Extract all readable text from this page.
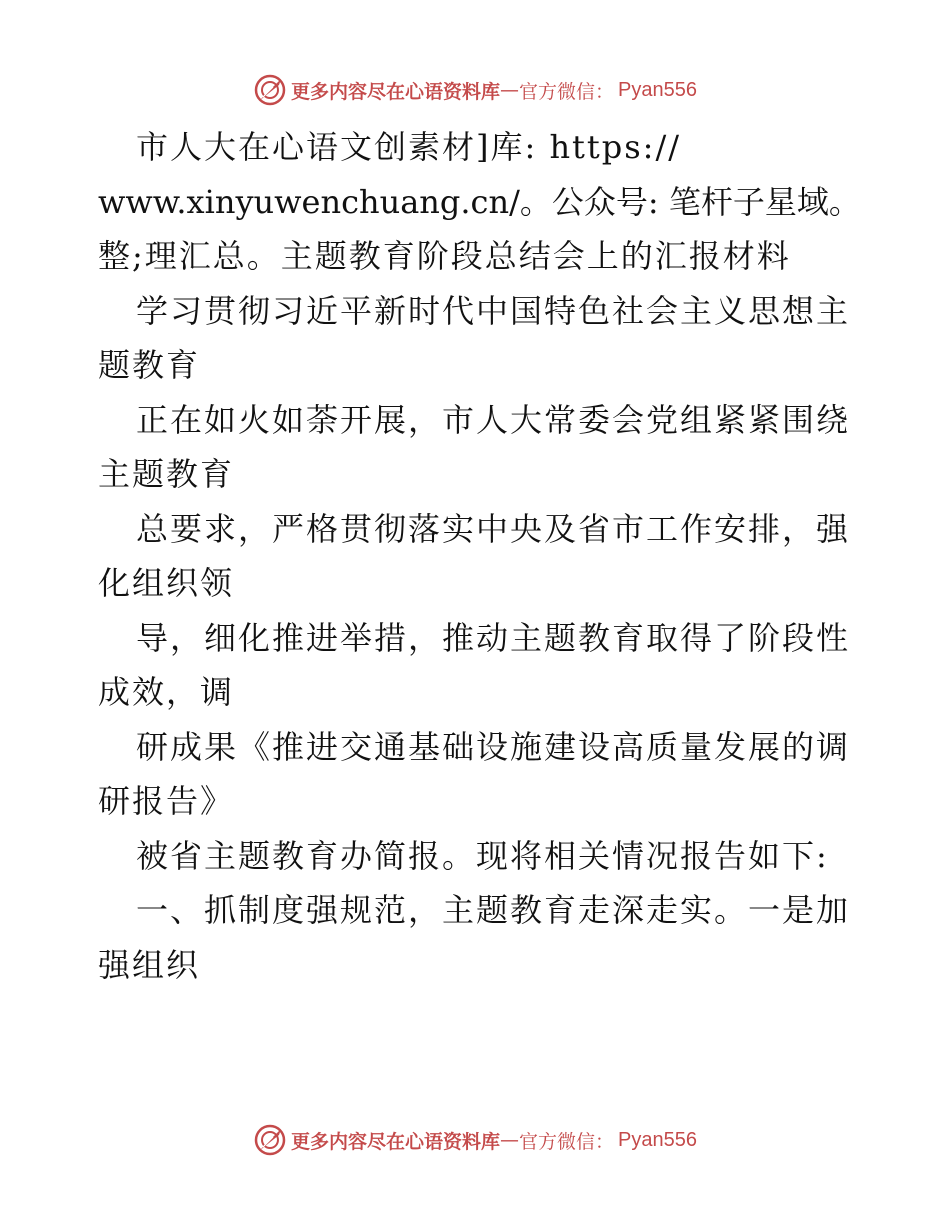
更多内容尽在心语资料库 — 官方微信： Pyan556
市人大在心语文创素材]库: https://
www.xinyuwenchuang.cn/。公众号: 笔杆子星域。
整;理汇总。主题教育阶段总结会上的汇报材料
学习贯彻习近平新时代中国特色社会主义思想主
题教育
正在如火如荼开展，市人大常委会党组紧紧围绕
主题教育
总要求，严格贯彻落实中央及省市工作安排，强
化组织领
导，细化推进举措，推动主题教育取得了阶段性
成效，调
研成果《推进交通基础设施建设高质量发展的调
研报告》
被省主题教育办简报。现将相关情况报告如下:
一、抓制度强规范，主题教育走深走实。一是加
强组织
更多内容尽在心语资料库 — 官方微信： Pyan556
